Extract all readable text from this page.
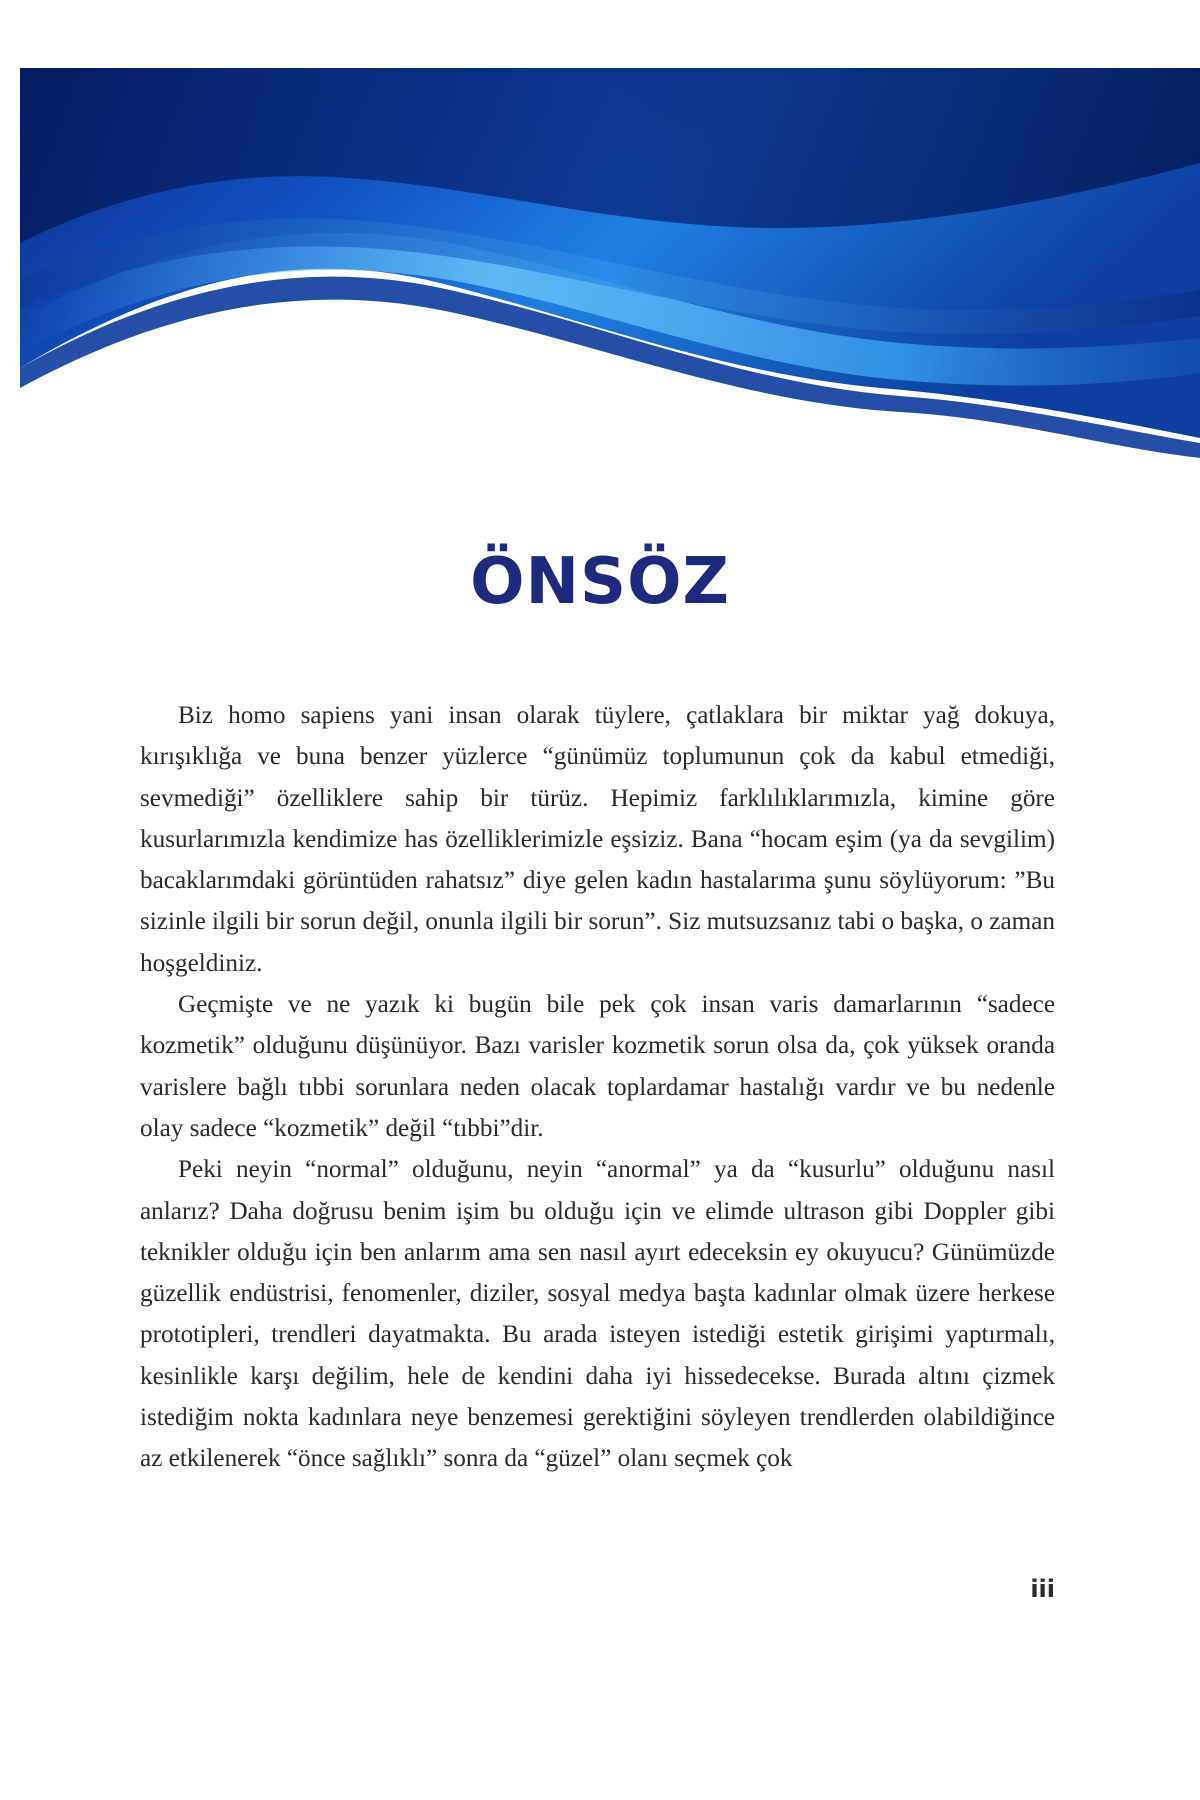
ÖNSÖZ

Biz homo sapiens yani insan olarak tüylere, çatlaklara bir miktar yağ dokuya, kırışıklığa ve buna benzer yüzlerce “günümüz toplumunun çok da kabul etmediği, sevmediği” özelliklere sahip bir türüz. Hepimiz farklılıklarımızla, kimine göre kusurlarımızla kendimize has özelliklerimizle eşsiziz. Bana “hocam eşim (ya da sevgilim) bacaklarımdaki görüntüden rahatsız” diye gelen kadın hastalarıma şunu söylüyorum: ”Bu sizinle ilgili bir sorun değil, onunla ilgili bir sorun”. Siz mutsuzsanız tabi o başka, o zaman hoşgeldiniz.

Geçmişte ve ne yazık ki bugün bile pek çok insan varis damarlarının “sadece kozmetik” olduğunu düşünüyor. Bazı varisler kozmetik sorun olsa da, çok yüksek oranda varislere bağlı tıbbi sorunlara neden olacak toplardamar hastalığı vardır ve bu nedenle olay sadece “kozmetik” değil “tıbbi”dir.

Peki neyin “normal” olduğunu, neyin “anormal” ya da “kusurlu” olduğunu nasıl anlarız? Daha doğrusu benim işim bu olduğu için ve elimde ultrason gibi Doppler gibi teknikler olduğu için ben anlarım ama sen nasıl ayırt edeceksin ey okuyucu? Günümüzde güzellik endüstrisi, fenomenler, diziler, sosyal medya başta kadınlar olmak üzere herkese prototipleri, trendleri dayatmakta. Bu arada isteyen istediği estetik girişimi yaptırmalı, kesinlikle karşı değilim, hele de kendini daha iyi hissedecekse. Burada altını çizmek istediğim nokta kadınlara neye benzemesi gerektiğini söyleyen trendlerden olabildiğince az etkilenerek “önce sağlıklı” sonra da “güzel” olanı seçmek çok

iii
